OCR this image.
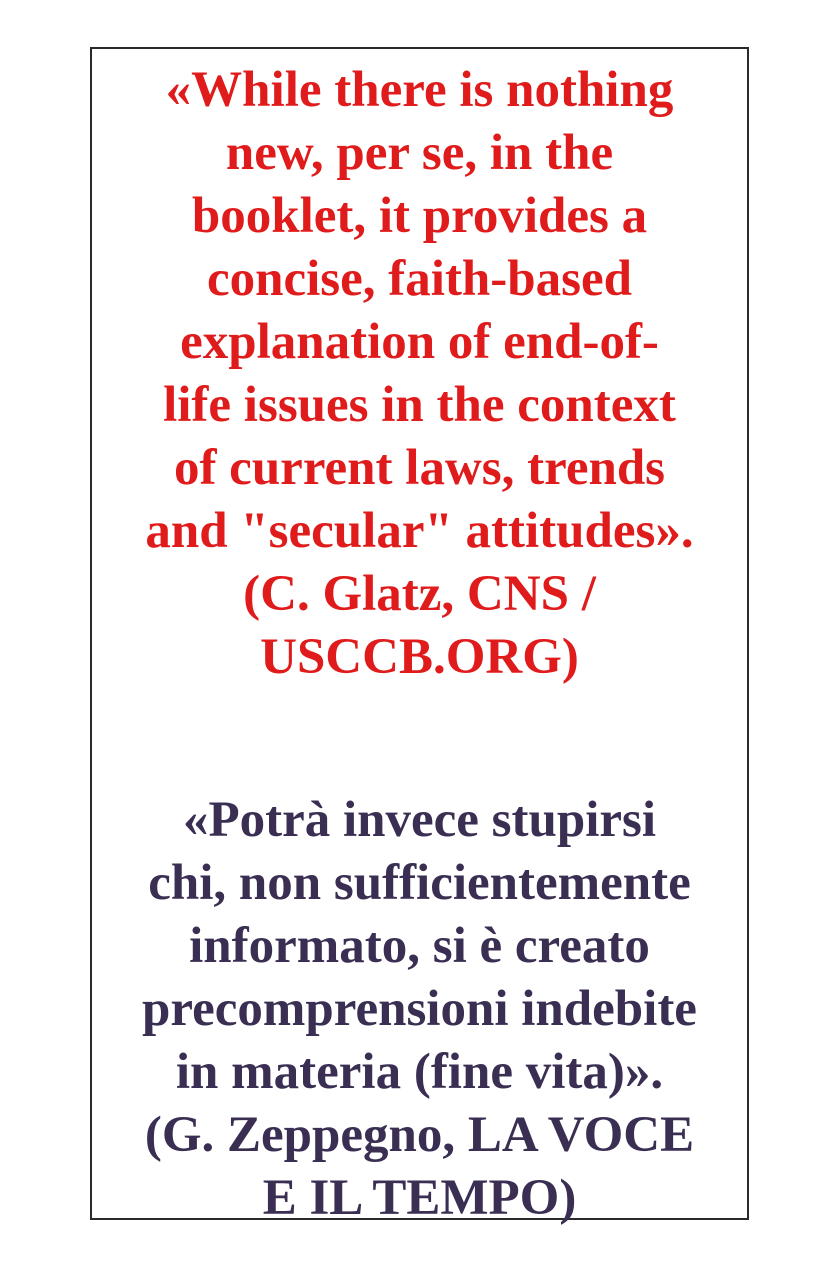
«While there is nothing
new, per se, in the
booklet, it provides a
concise, faith-based
explanation of end-of-
life issues in the context
of current laws, trends
and "secular" attitudes».
(C. Glatz, CNS /
USCCB.ORG)
«Potrà invece stupirsi
chi, non sufficientemente
informato, si è creato
precomprensioni indebite
in materia (fine vita)».
(G. Zeppegno, LA VOCE
E IL TEMPO)
